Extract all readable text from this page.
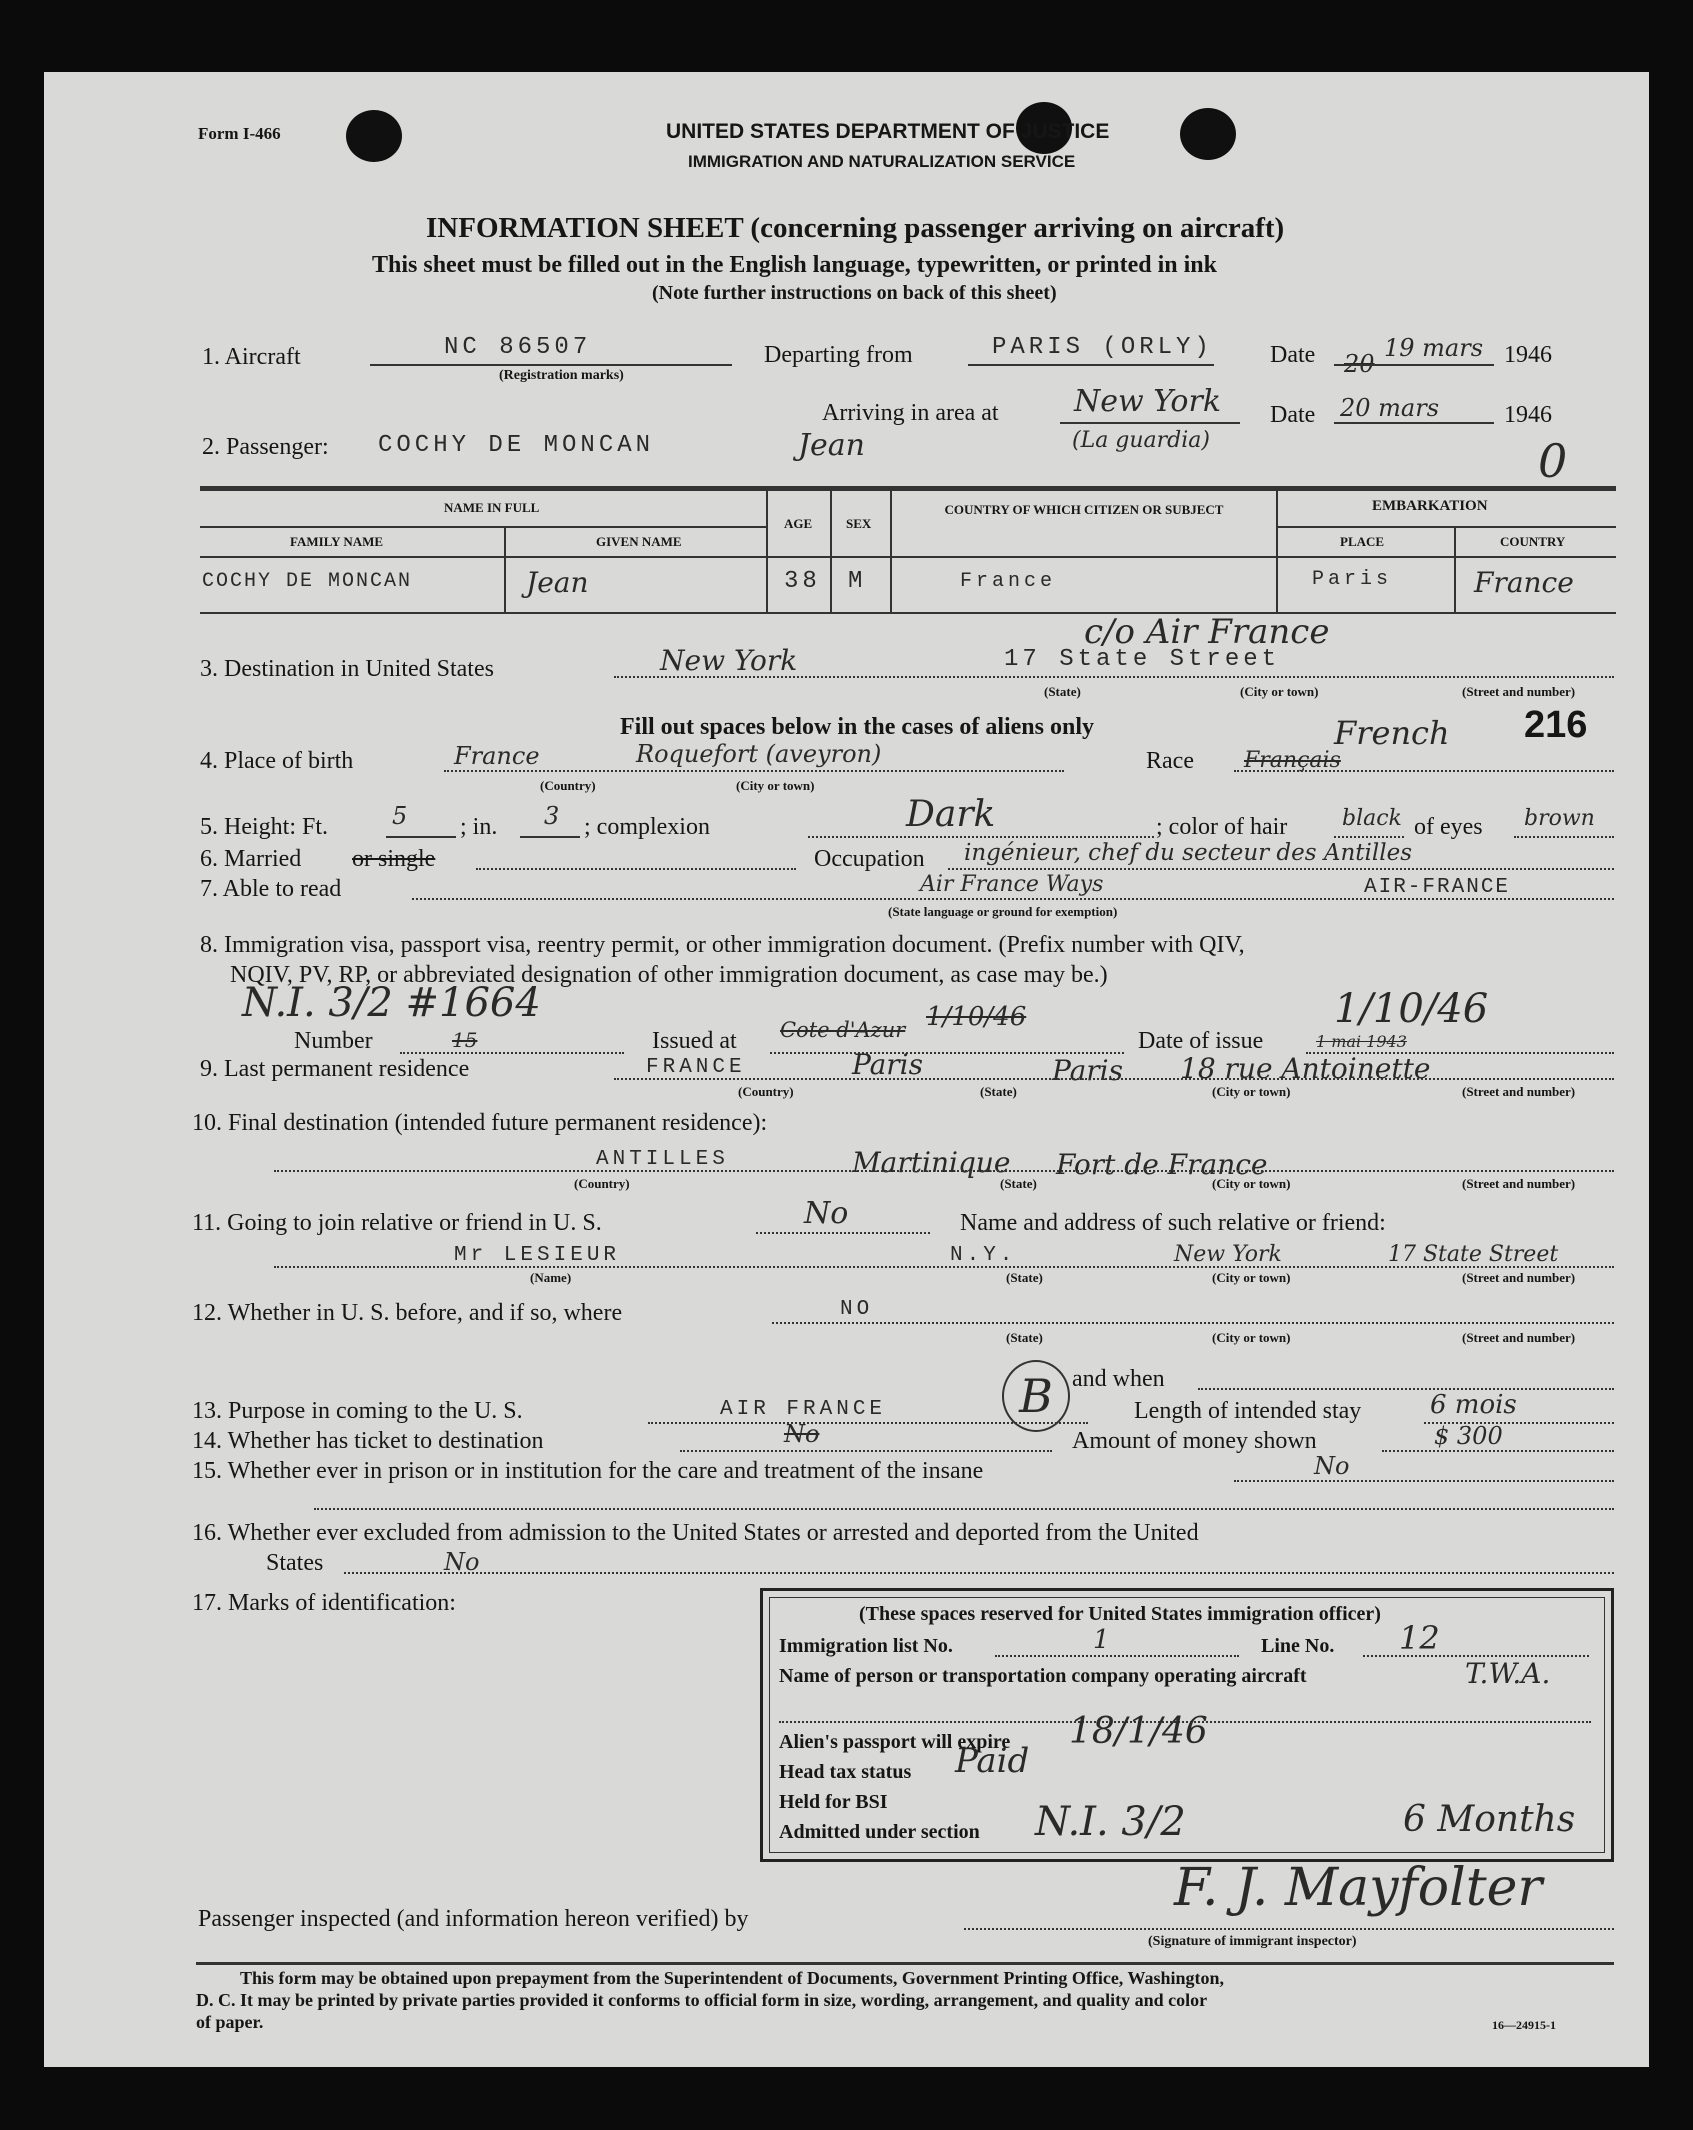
Form I-466	UNITED STATES DEPARTMENT OF JUSTICE
IMMIGRATION AND NATURALIZATION SERVICE
INFORMATION SHEET (concerning passenger arriving on aircraft)
This sheet must be filled out in the English language, typewritten, or printed in ink
(Note further instructions on back of this sheet)
1. Aircraft	NC 86507
(Registration marks)
Departing from	PARIS (ORLY) Date 20
19 mars 1946
Arriving in area at	New York
(La guardia)
Date 20 mars	1946
2. Passenger: COCHY DE MONCAN	Jean	0
NAME IN FULL
FAMILY NAME	GIVEN NAME
AGE	SEX
COUNTRY OF WHICH CITIZEN OR SUBJECT	EMBARKATION
PLACE	COUNTRY
COCHY DE MONCAN	Jean	38 M	France	Paris	France
c/o Air France
3. Destination in United States	New York	17 State Street
(State)	(City or town)	(Street and number)
Fill out spaces below in the cases of aliens only	216
4. Place of birth	France	Roquefort (aveyron)
(Country)	(City or town)
Race Français
French
5. Height: Ft.	5 ; in. 3 ; complexion	Dark	; color of hair black of eyes brown
6. Married or single	Occupation ingénieur, chef du secteur des Antilles
7. Able to read	Air France Ways	AIR-FRANCE
(State language or ground for exemption)
8. Immigration visa, passport visa, reentry permit, or other immigration document. (Prefix number with QIV,
NQIV, PV, RP, or abbreviated designation of other immigration document, as case may be.)
N.I. 3/2 #1664
Number	15	Issued at Cote d'Azur 1/10/46
Date of issue
1/10/46
1 mai 1943
9. Last permanent residence	FRANCE	Paris	Paris 18 rue Antoinette
(Country)	(State)	(City or town)	(Street and number)
10. Final destination (intended future permanent residence):
ANTILLES	Martinique Fort de France
(Country)	(State)	(City or town)	(Street and number)
11. Going to join relative or friend in U. S.	No	Name and address of such relative or friend:
Mr LESIEUR	N.Y.	New York	17 State Street
(Name)	(State)	(City or town)	(Street and number)
12. Whether in U. S. before, and if so, where	NO
(State)	(City or town)	(Street and number)
and when
13. Purpose in coming to the U. S.	AIR FRANCE	B	Length of intended stay	6 mois
14. Whether has ticket to destination	No	Amount of money shown	$ 300
15. Whether ever in prison or in institution for the care and treatment of the insane	No
16. Whether ever excluded from admission to the United States or arrested and deported from the United
States	No
17. Marks of identification:	(These spaces reserved for United States immigration officer)
Immigration list No.	1	Line No. 12
Name of person or transportation company operating aircraft	T.W.A.
Alien's passport will expire 18/1/46
Head tax status Paid
Held for BSI
Admitted under section N.I. 3/2	6 Months
Passenger inspected (and information hereon verified) by
F. J. Mayfolter
(Signature of immigrant inspector)
This form may be obtained upon prepayment from the Superintendent of Documents, Government Printing Office, Washington,
D. C. It may be printed by private parties provided it conforms to official form in size, wording, arrangement, and quality and color
of paper.	16—24915-1
